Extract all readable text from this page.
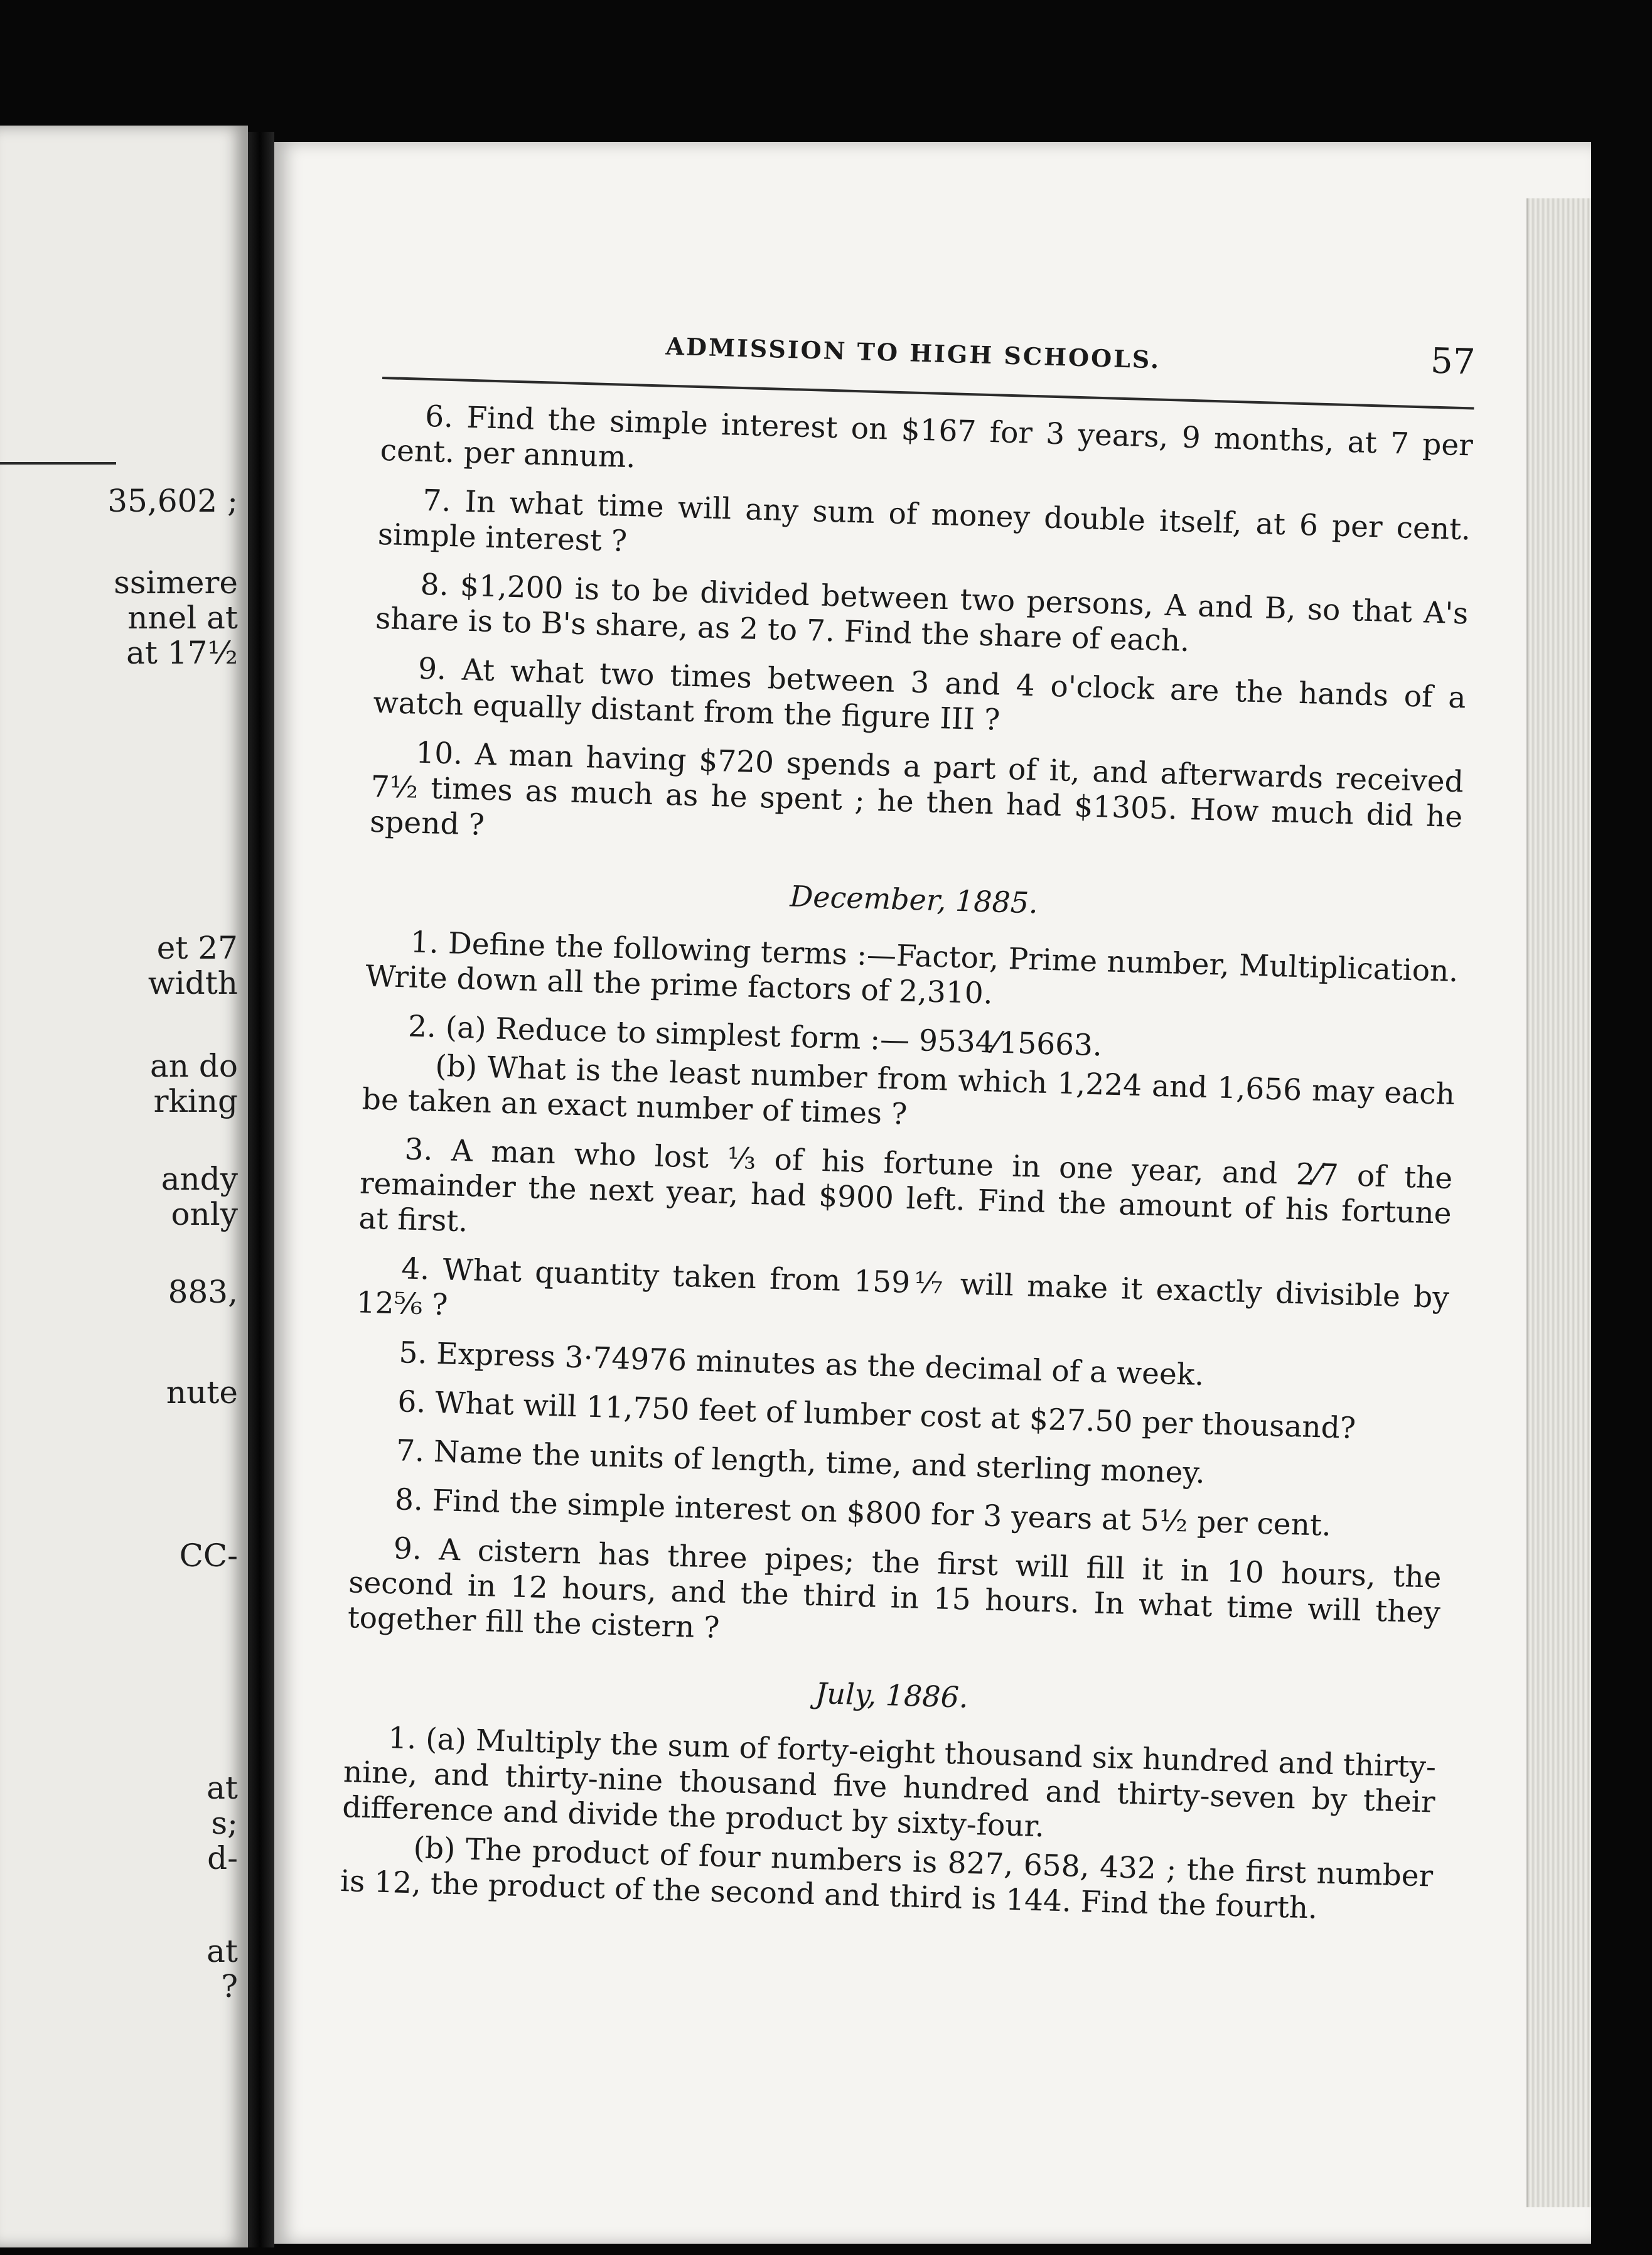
35,602 ;
ssimere
nnel at
at 17½
et 27
width
an do
rking
andy
only
883,
nute
CC-
at
s;
d-
at
?
ADMISSION TO HIGH SCHOOLS.	57

6. Find the simple interest on $167 for 3 years, 9 months, at 7 per cent. per annum.

7. In what time will any sum of money double itself, at 6 per cent. simple interest ?

8. $1,200 is to be divided between two persons, A and B, so that A's share is to B's share, as 2 to 7. Find the share of each.

9. At what two times between 3 and 4 o'clock are the hands of a watch equally distant from the figure III ?

10. A man having $720 spends a part of it, and afterwards received 7½ times as much as he spent ; he then had $1305. How much did he spend ?

December, 1885.

1. Define the following terms :—Factor, Prime number, Multiplication. Write down all the prime factors of 2,310.

2. (a) Reduce to simplest form :— 9534⁄15663.

(b) What is the least number from which 1,224 and 1,656 may each be taken an exact number of times ?

3. A man who lost ⅓ of his fortune in one year, and 2⁄7 of the remainder the next year, had $900 left. Find the amount of his fortune at first.

4. What quantity taken from 159⅐ will make it exactly divisible by 12⅚ ?

5. Express 3·74976 minutes as the decimal of a week.

6. What will 11,750 feet of lumber cost at $27.50 per thousand?

7. Name the units of length, time, and sterling money.

8. Find the simple interest on $800 for 3 years at 5½ per cent.

9. A cistern has three pipes; the first will fill it in 10 hours, the second in 12 hours, and the third in 15 hours. In what time will they together fill the cistern ?

July, 1886.

1. (a) Multiply the sum of forty-eight thousand six hundred and thirty-nine, and thirty-nine thousand five hundred and thirty-seven by their difference and divide the product by sixty-four.

(b) The product of four numbers is 827, 658, 432 ; the first number is 12, the product of the second and third is 144. Find the fourth.
